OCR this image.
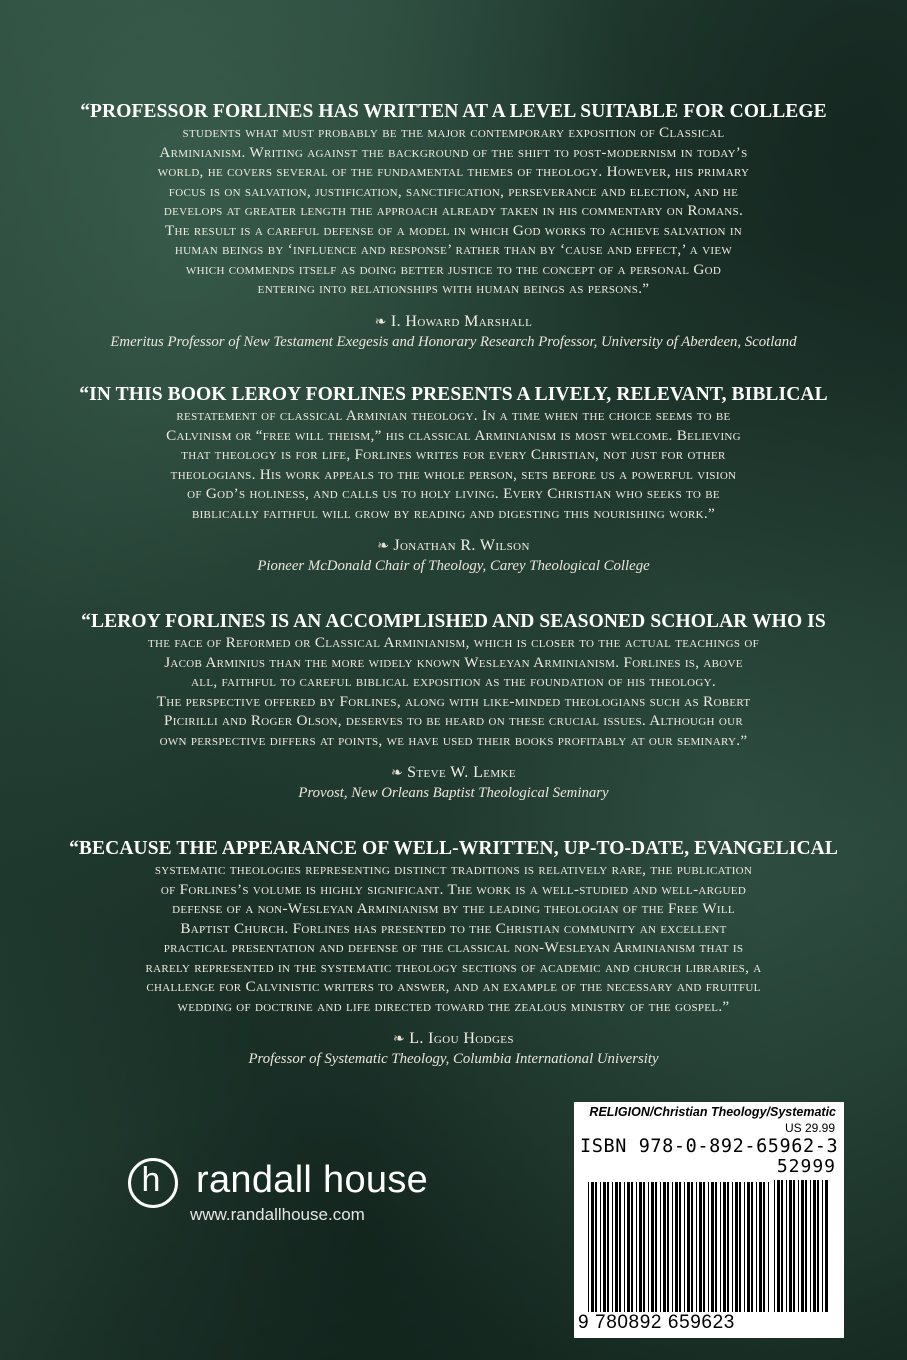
“PROFESSOR FORLINES HAS WRITTEN AT A LEVEL SUITABLE FOR COLLEGE
students what must probably be the major contemporary exposition of Classical
Arminianism. Writing against the background of the shift to post-modernism in today’s
world, he covers several of the fundamental themes of theology. However, his primary
focus is on salvation, justification, sanctification, perseverance and election, and he
develops at greater length the approach already taken in his commentary on Romans.
The result is a careful defense of a model in which God works to achieve salvation in
human beings by ‘influence and response’ rather than by ‘cause and effect,’ a view
which commends itself as doing better justice to the concept of a personal God
entering into relationships with human beings as persons.”
❧ I. Howard Marshall
Emeritus Professor of New Testament Exegesis and Honorary Research Professor, University of Aberdeen, Scotland
“IN THIS BOOK LEROY FORLINES PRESENTS A LIVELY, RELEVANT, BIBLICAL
restatement of classical Arminian theology. In a time when the choice seems to be
Calvinism or “free will theism,” his classical Arminianism is most welcome. Believing
that theology is for life, Forlines writes for every Christian, not just for other
theologians. His work appeals to the whole person, sets before us a powerful vision
of God’s holiness, and calls us to holy living. Every Christian who seeks to be
biblically faithful will grow by reading and digesting this nourishing work.”
❧ Jonathan R. Wilson
Pioneer McDonald Chair of Theology, Carey Theological College
“LEROY FORLINES IS AN ACCOMPLISHED AND SEASONED SCHOLAR WHO IS
the face of Reformed or Classical Arminianism, which is closer to the actual teachings of
Jacob Arminius than the more widely known Wesleyan Arminianism. Forlines is, above
all, faithful to careful biblical exposition as the foundation of his theology.
The perspective offered by Forlines, along with like-minded theologians such as Robert
Picirilli and Roger Olson, deserves to be heard on these crucial issues. Although our
own perspective differs at points, we have used their books profitably at our seminary.”
❧ Steve W. Lemke
Provost, New Orleans Baptist Theological Seminary
“BECAUSE THE APPEARANCE OF WELL-WRITTEN, UP-TO-DATE, EVANGELICAL
systematic theologies representing distinct traditions is relatively rare, the publication
of Forlines’s volume is highly significant. The work is a well-studied and well-argued
defense of a non-Wesleyan Arminianism by the leading theologian of the Free Will
Baptist Church. Forlines has presented to the Christian community an excellent
practical presentation and defense of the classical non-Wesleyan Arminianism that is
rarely represented in the systematic theology sections of academic and church libraries, a
challenge for Calvinistic writers to answer, and an example of the necessary and fruitful
wedding of doctrine and life directed toward the zealous ministry of the gospel.”
❧ L. Igou Hodges
Professor of Systematic Theology, Columbia International University
h randall house
www.randallhouse.com
RELIGION/Christian Theology/Systematic
US 29.99
ISBN 978-0-892-65962-3
52999
9 780892 659623
